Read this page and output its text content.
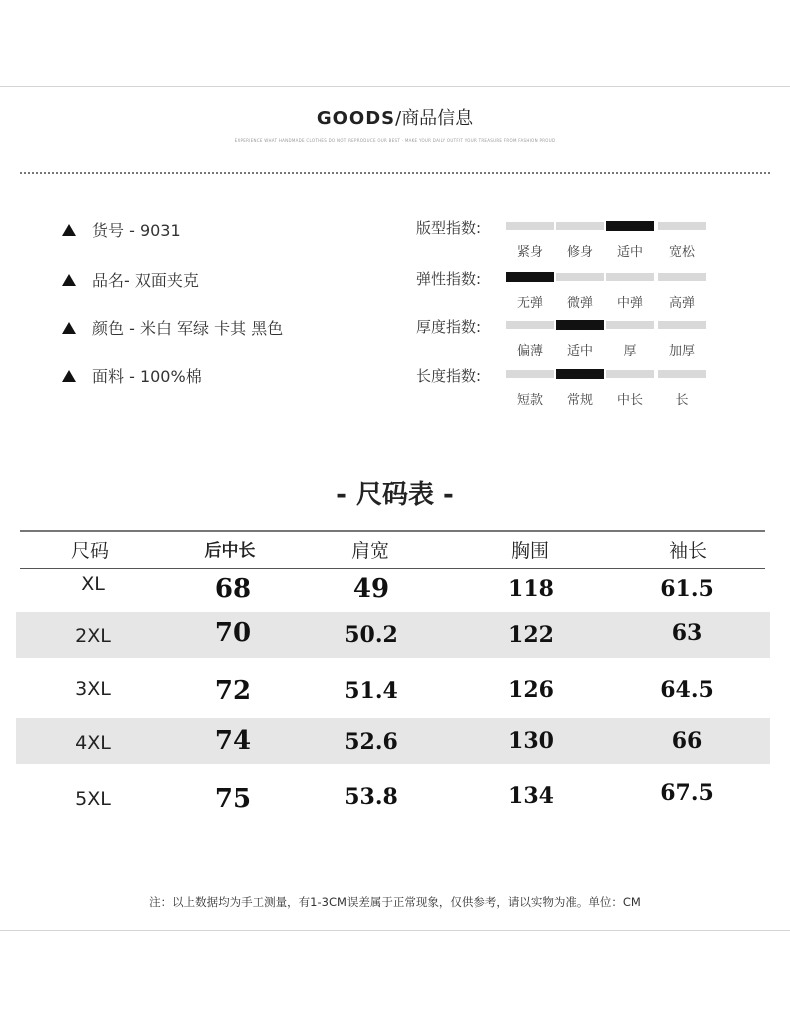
GOODS/商品信息
EXPERIENCE WHAT HANDMADE CLOTHES DO NOT REPRODUCE OUR BEST · MAKE YOUR DAILY OUTFIT YOUR TREASURE FROM FASHION PROUD
货号 - 9031
品名- 双面夹克
颜色 - 米白 军绿 卡其 黑色
面料 - 100%棉
版型指数:
紧身	修身	适中	宽松
弹性指数:
无弹	微弹	中弹	高弹
厚度指数:
偏薄	适中	厚	加厚
长度指数:
短款	常规	中长	长
- 尺码表 -
尺码	后中长	肩宽	胸围	袖长
XL	68	49	118	61.5
2XL	70	50.2	122	63
3XL	72	51.4	126	64.5
4XL	74	52.6	130	66
5XL	75	53.8	134	67.5
注：以上数据均为手工测量，有1-3CM误差属于正常现象，仅供参考，请以实物为准。单位：CM
